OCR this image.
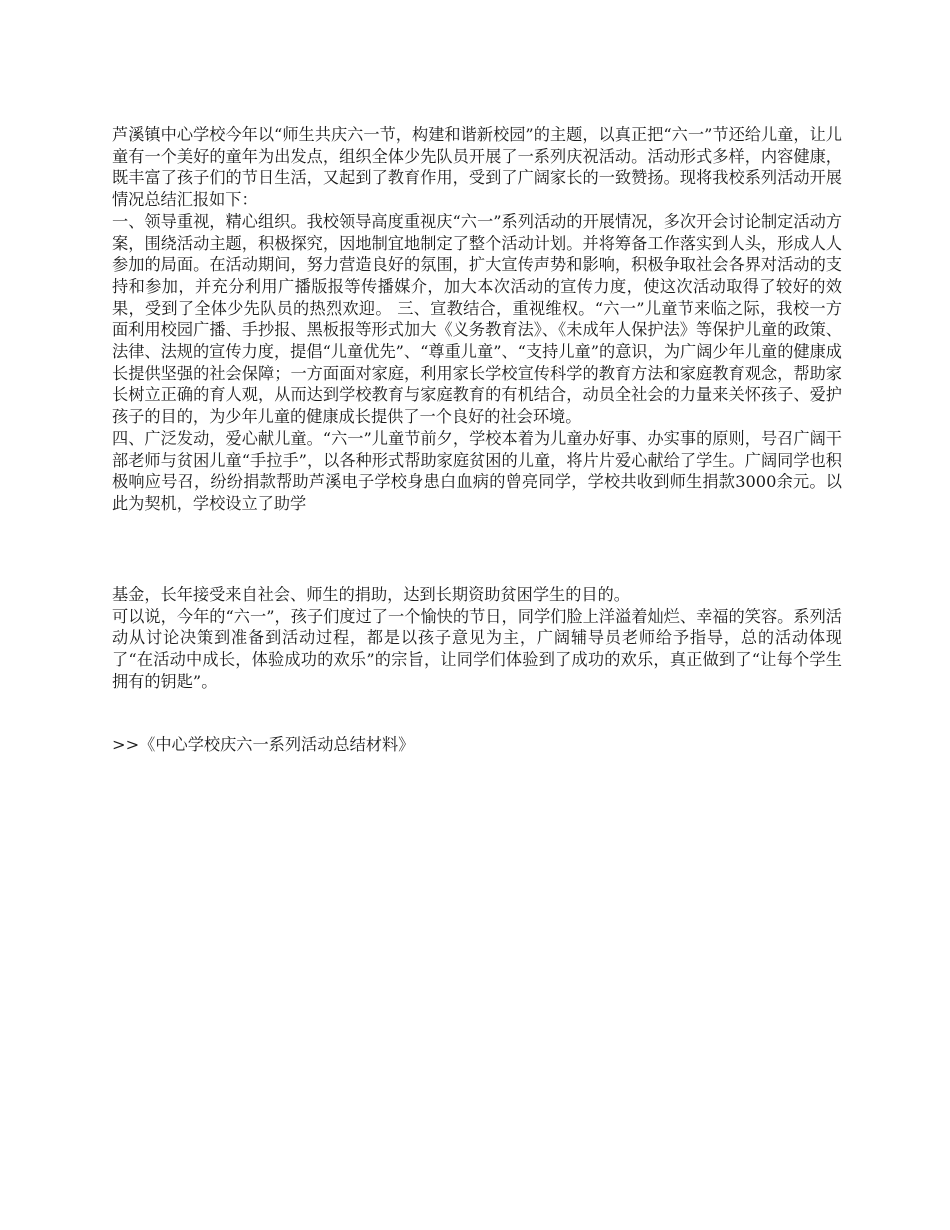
芦溪镇中心学校今年以“师生共庆六一节，构建和谐新校园”的主题，以真正把“六一”节还给儿童，让儿童有一个美好的童年为出发点，组织全体少先队员开展了一系列庆祝活动。活动形式多样，内容健康，既丰富了孩子们的节日生活，又起到了教育作用，受到了广阔家长的一致赞扬。现将我校系列活动开展情况总结汇报如下：

一、领导重视，精心组织。我校领导高度重视庆“六一”系列活动的开展情况，多次开会讨论制定活动方案，围绕活动主题，积极探究，因地制宜地制定了整个活动计划。并将筹备工作落实到人头，形成人人参加的局面。在活动期间，努力营造良好的氛围，扩大宣传声势和影响，积极争取社会各界对活动的支持和参加，并充分利用广播版报等传播媒介，加大本次活动的宣传力度，使这次活动取得了较好的效果，受到了全体少先队员的热烈欢迎。 三、宣教结合，重视维权。“六一”儿童节来临之际，我校一方面利用校园广播、手抄报、黑板报等形式加大《义务教育法》、《未成年人保护法》等保护儿童的政策、法律、法规的宣传力度，提倡“儿童优先”、“尊重儿童”、“支持儿童”的意识，为广阔少年儿童的健康成长提供坚强的社会保障；一方面面对家庭，利用家长学校宣传科学的教育方法和家庭教育观念，帮助家长树立正确的育人观，从而达到学校教育与家庭教育的有机结合，动员全社会的力量来关怀孩子、爱护孩子的目的，为少年儿童的健康成长提供了一个良好的社会环境。

四、广泛发动，爱心献儿童。“六一”儿童节前夕，学校本着为儿童办好事、办实事的原则，号召广阔干部老师与贫困儿童“手拉手”，以各种形式帮助家庭贫困的儿童，将片片爱心献给了学生。广阔同学也积极响应号召，纷纷捐款帮助芦溪电子学校身患白血病的曾亮同学，学校共收到师生捐款3000余元。以此为契机，学校设立了助学

基金，长年接受来自社会、师生的捐助，达到长期资助贫困学生的目的。

可以说，今年的“六一”，孩子们度过了一个愉快的节日，同学们脸上洋溢着灿烂、幸福的笑容。系列活动从讨论决策到准备到活动过程，都是以孩子意见为主，广阔辅导员老师给予指导，总的活动体现了“在活动中成长，体验成功的欢乐”的宗旨，让同学们体验到了成功的欢乐，真正做到了“让每个学生拥有的钥匙”。

>>《中心学校庆六一系列活动总结材料》
